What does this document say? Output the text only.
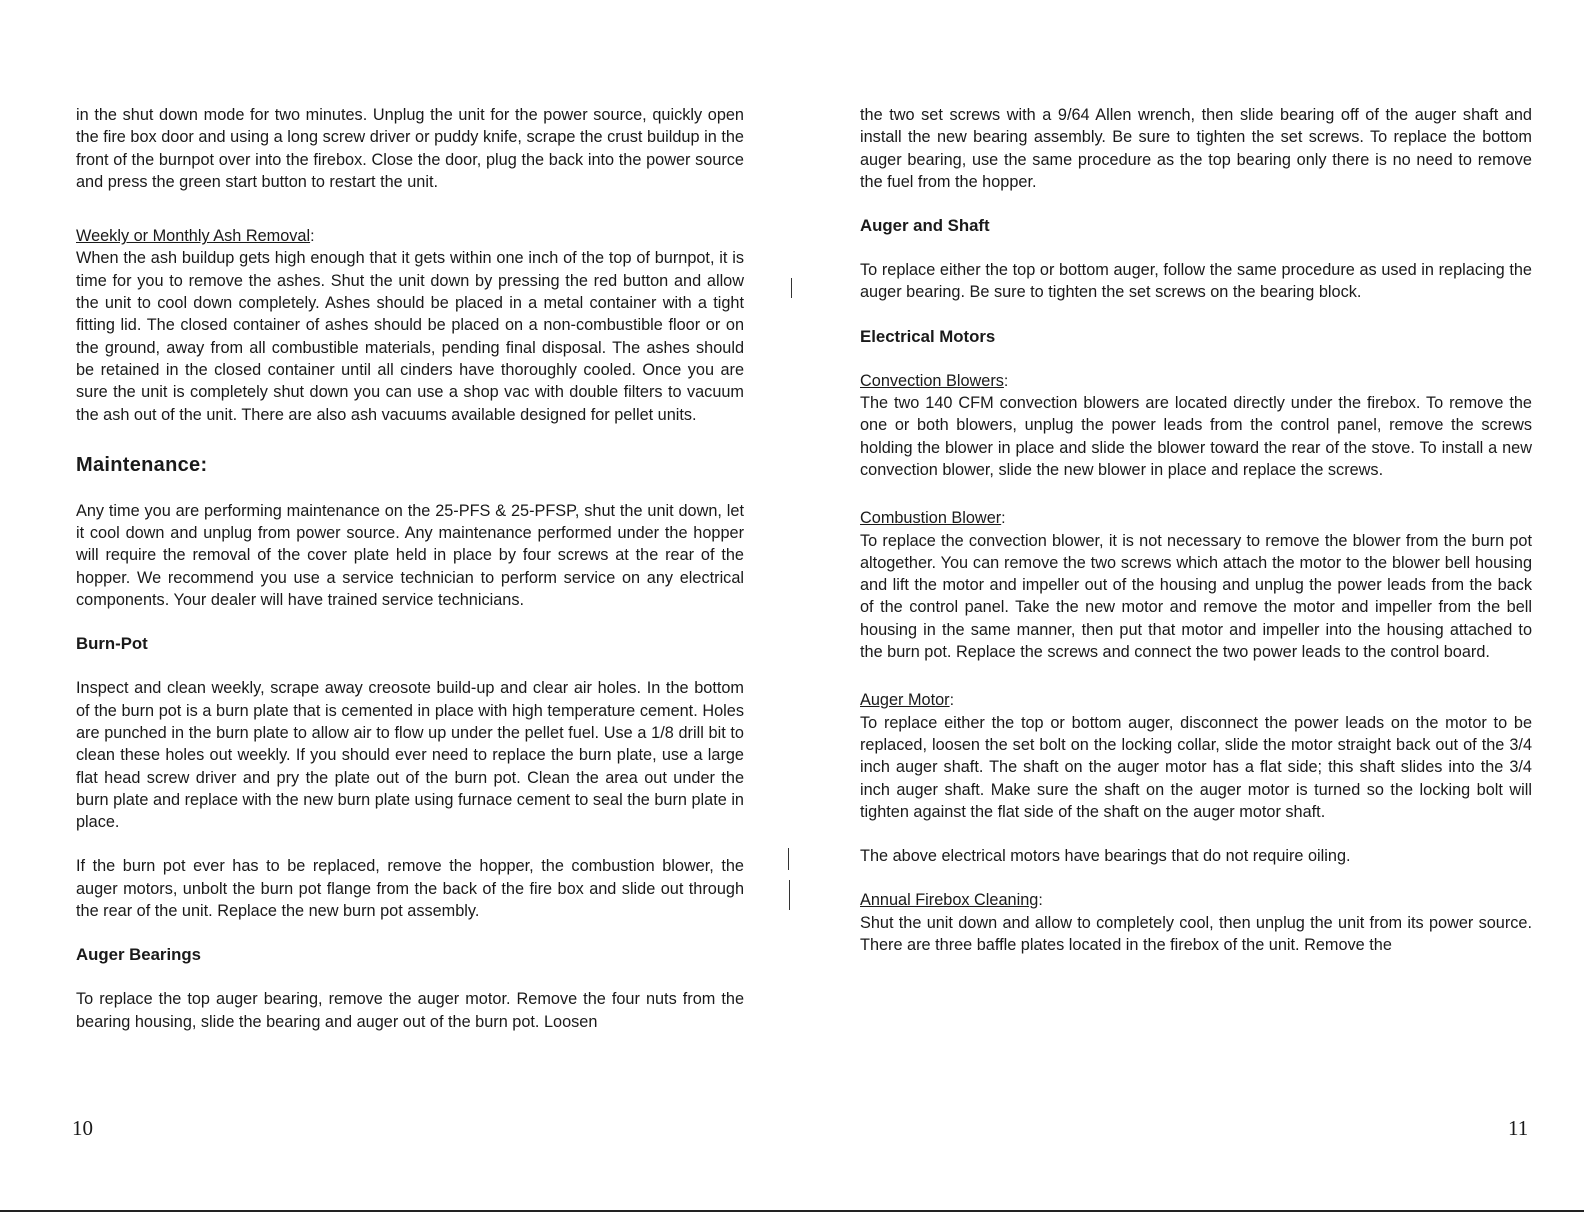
in the shut down mode for two minutes. Unplug the unit for the power source, quickly open the fire box door and using a long screw driver or puddy knife, scrape the crust buildup in the front of the burnpot over into the firebox. Close the door, plug the back into the power source and press the green start button to restart the unit.

Weekly or Monthly Ash Removal:

When the ash buildup gets high enough that it gets within one inch of the top of burnpot, it is time for you to remove the ashes. Shut the unit down by pressing the red button and allow the unit to cool down completely. Ashes should be placed in a metal container with a tight fitting lid. The closed container of ashes should be placed on a non-combustible floor or on the ground, away from all combustible materials, pending final disposal. The ashes should be retained in the closed container until all cinders have thoroughly cooled. Once you are sure the unit is completely shut down you can use a shop vac with double filters to vacuum the ash out of the unit. There are also ash vacuums available designed for pellet units.

Maintenance:

Any time you are performing maintenance on the 25-PFS & 25-PFSP, shut the unit down, let it cool down and unplug from power source. Any maintenance performed under the hopper will require the removal of the cover plate held in place by four screws at the rear of the hopper. We recommend you use a service technician to perform service on any electrical components. Your dealer will have trained service technicians.

Burn-Pot

Inspect and clean weekly, scrape away creosote build-up and clear air holes. In the bottom of the burn pot is a burn plate that is cemented in place with high temperature cement. Holes are punched in the burn plate to allow air to flow up under the pellet fuel. Use a 1/8 drill bit to clean these holes out weekly. If you should ever need to replace the burn plate, use a large flat head screw driver and pry the plate out of the burn pot. Clean the area out under the burn plate and replace with the new burn plate using furnace cement to seal the burn plate in place.

If the burn pot ever has to be replaced, remove the hopper, the combustion blower, the auger motors, unbolt the burn pot flange from the back of the fire box and slide out through the rear of the unit. Replace the new burn pot assembly.

Auger Bearings

To replace the top auger bearing, remove the auger motor. Remove the four nuts from the bearing housing, slide the bearing and auger out of the burn pot. Loosen

10

the two set screws with a 9/64 Allen wrench, then slide bearing off of the auger shaft and install the new bearing assembly. Be sure to tighten the set screws. To replace the bottom auger bearing, use the same procedure as the top bearing only there is no need to remove the fuel from the hopper.

Auger and Shaft

To replace either the top or bottom auger, follow the same procedure as used in replacing the auger bearing. Be sure to tighten the set screws on the bearing block.

Electrical Motors

Convection Blowers:

The two 140 CFM convection blowers are located directly under the firebox. To remove the one or both blowers, unplug the power leads from the control panel, remove the screws holding the blower in place and slide the blower toward the rear of the stove. To install a new convection blower, slide the new blower in place and replace the screws.

Combustion Blower:

To replace the convection blower, it is not necessary to remove the blower from the burn pot altogether. You can remove the two screws which attach the motor to the blower bell housing and lift the motor and impeller out of the housing and unplug the power leads from the back of the control panel. Take the new motor and remove the motor and impeller from the bell housing in the same manner, then put that motor and impeller into the housing attached to the burn pot. Replace the screws and connect the two power leads to the control board.

Auger Motor:

To replace either the top or bottom auger, disconnect the power leads on the motor to be replaced, loosen the set bolt on the locking collar, slide the motor straight back out of the 3/4 inch auger shaft. The shaft on the auger motor has a flat side; this shaft slides into the 3/4 inch auger shaft. Make sure the shaft on the auger motor is turned so the locking bolt will tighten against the flat side of the shaft on the auger motor shaft.

The above electrical motors have bearings that do not require oiling.

Annual Firebox Cleaning:

Shut the unit down and allow to completely cool, then unplug the unit from its power source. There are three baffle plates located in the firebox of the unit. Remove the

11
